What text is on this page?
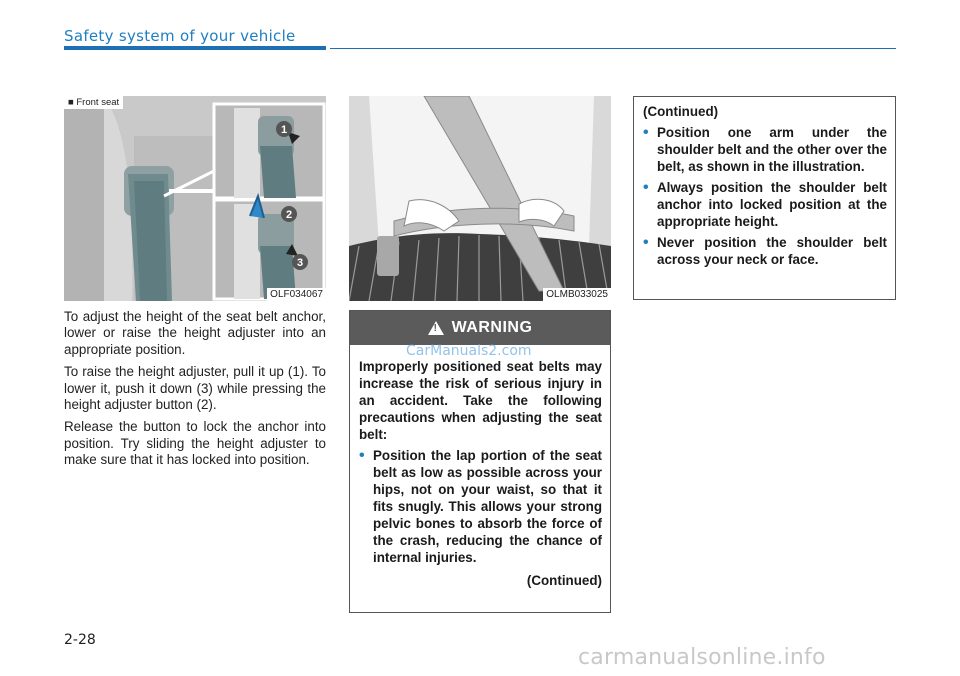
Safety system of your vehicle
1
2
3
■ Front seat
OLF034067	OLMB033025

To adjust the height of the seat belt anchor, lower or raise the height adjuster into an appropriate position.

To raise the height adjuster, pull it up (1). To lower it, push it down (3) while pressing the height adjuster button (2).

Release the button to lock the anchor into position. Try sliding the height adjuster to make sure that it has locked into position.

!
WARNING

Improperly positioned seat belts may increase the risk of serious injury in an accident. Take the following precautions when adjusting the seat belt:

• Position the lap portion of the seat belt as low as possible across your hips, not on your waist, so that it fits snugly. This allows your strong pelvic bones to absorb the force of the crash, reducing the chance of internal injuries.
(Continued)
CarManuals2.com
(Continued)
• Position one arm under the shoulder belt and the other over the belt, as shown in the illustration.
• Always position the shoulder belt anchor into locked position at the appropriate height.
• Never position the shoulder belt across your neck or face.
2-28
carmanualsonline.info
